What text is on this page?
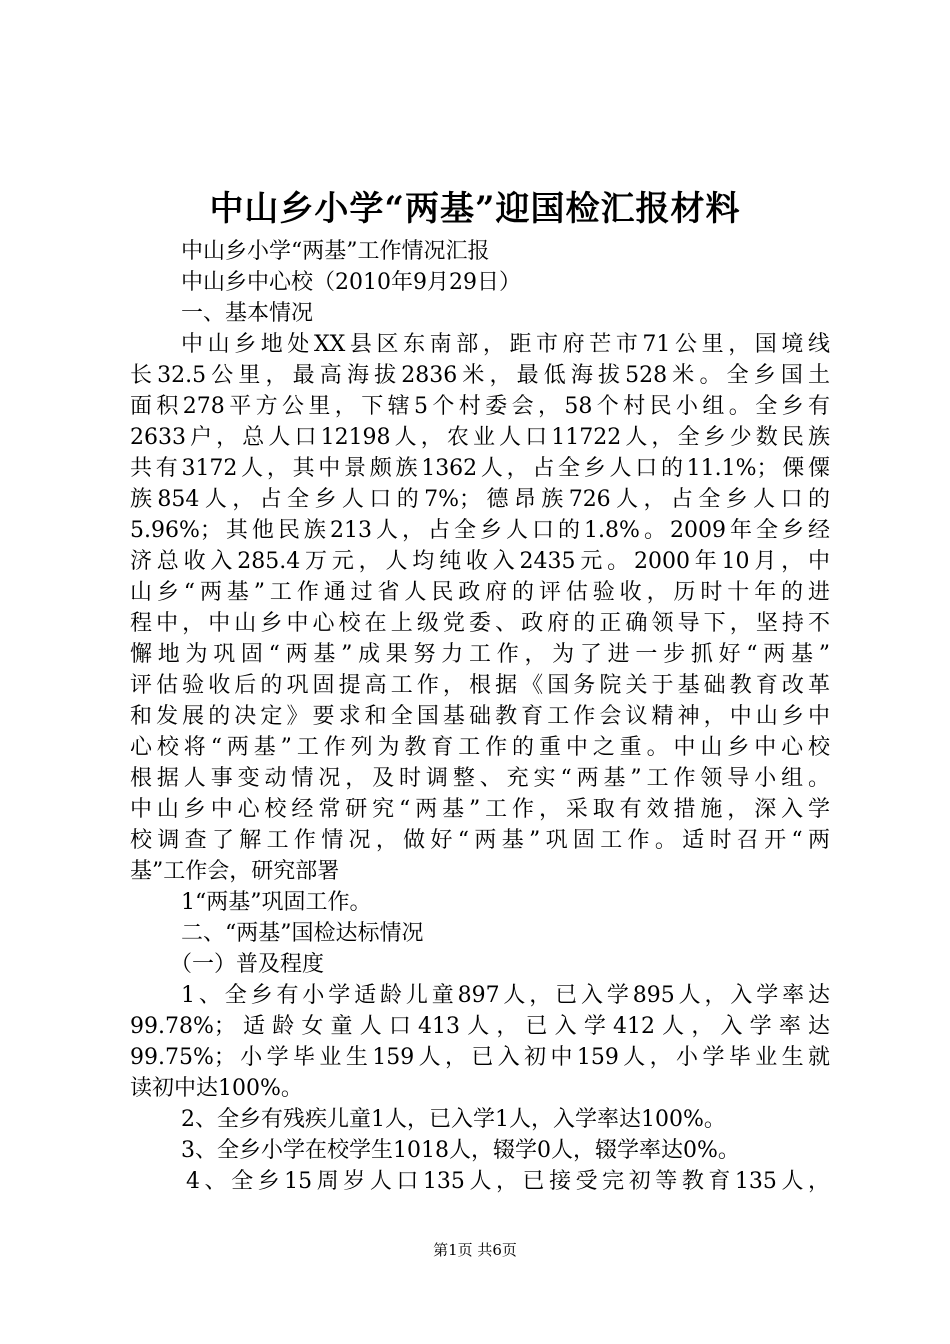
中山乡小学“两基”迎国检汇报材料
中山乡小学“两基”工作情况汇报
中山乡中心校（2010年9月29日）
一、基本情况
中山乡地处XX县区东南部，距市府芒市71公里，国境线
长32.5公里，最高海拔2836米，最低海拔528米。全乡国土
面积278平方公里，下辖5个村委会，58个村民小组。全乡有
2633户，总人口12198人，农业人口11722人，全乡少数民族
共有3172人，其中景颇族1362人，占全乡人口的11.1%；傈僳
族854人，占全乡人口的7%；德昂族726人，占全乡人口的
5.96%；其他民族213人，占全乡人口的1.8%。2009年全乡经
济总收入285.4万元，人均纯收入2435元。2000年10月，中
山乡“两基”工作通过省人民政府的评估验收，历时十年的进
程中，中山乡中心校在上级党委、政府的正确领导下，坚持不
懈地为巩固“两基”成果努力工作，为了进一步抓好“两基”
评估验收后的巩固提高工作，根据《国务院关于基础教育改革
和发展的决定》要求和全国基础教育工作会议精神，中山乡中
心校将“两基”工作列为教育工作的重中之重。中山乡中心校
根据人事变动情况，及时调整、充实“两基”工作领导小组。
中山乡中心校经常研究“两基”工作，采取有效措施，深入学
校调查了解工作情况，做好“两基”巩固工作。适时召开“两
基”工作会，研究部署
1“两基”巩固工作。
二、“两基”国检达标情况
（一）普及程度
1、全乡有小学适龄儿童897人，已入学895人，入学率达
99.78%；适龄女童人口413人，已入学412人，入学率达
99.75%；小学毕业生159人，已入初中159人，小学毕业生就
读初中达100%。
2、全乡有残疾儿童1人，已入学1人，入学率达100%。
3、全乡小学在校学生1018人，辍学0人，辍学率达0%。
4、全乡15周岁人口135人，已接受完初等教育135人，
第1页 共6页
